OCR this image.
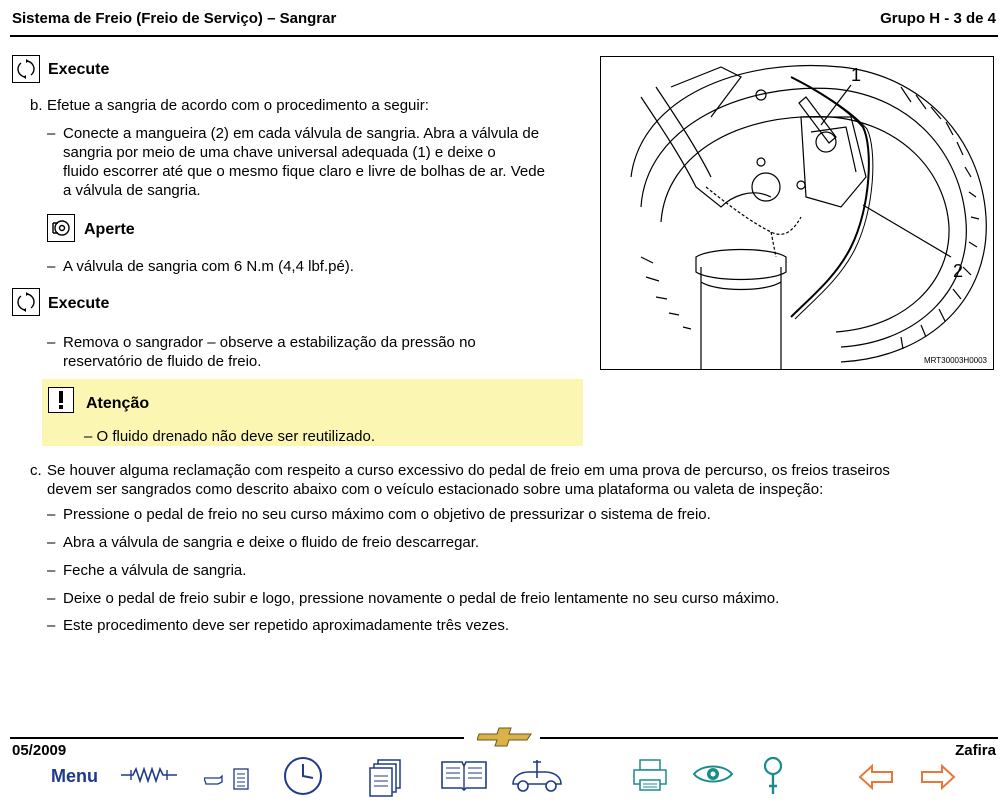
Sistema de Freio (Freio de Serviço) – Sangrar	Grupo H - 3 de 4
Execute
b. Efetue a sangria de acordo com o procedimento a seguir:
– Conecte a mangueira (2) em cada válvula de sangria. Abra a válvula de
sangria por meio de uma chave universal adequada (1) e deixe o
fluido escorrer até que o mesmo fique claro e livre de bolhas de ar. Vede
a válvula de sangria.
Aperte
– A válvula de sangria com 6 N.m (4,4 lbf.pé).
Execute
– Remova o sangrador – observe a estabilização da pressão no
reservatório de fluido de freio.
Atenção
– O fluido drenado não deve ser reutilizado.
c. Se houver alguma reclamação com respeito a curso excessivo do pedal de freio em uma prova de percurso, os freios traseiros
devem ser sangrados como descrito abaixo com o veículo estacionado sobre uma plataforma ou valeta de inspeção:
– Pressione o pedal de freio no seu curso máximo com o objetivo de pressurizar o sistema de freio.
– Abra a válvula de sangria e deixe o fluido de freio descarregar.
– Feche a válvula de sangria.
– Deixe o pedal de freio subir e logo, pressione novamente o pedal de freio lentamente no seu curso máximo.
– Este procedimento deve ser repetido aproximadamente três vezes.
1
2
MRT30003H0003
05/2009	Zafira
Menu
